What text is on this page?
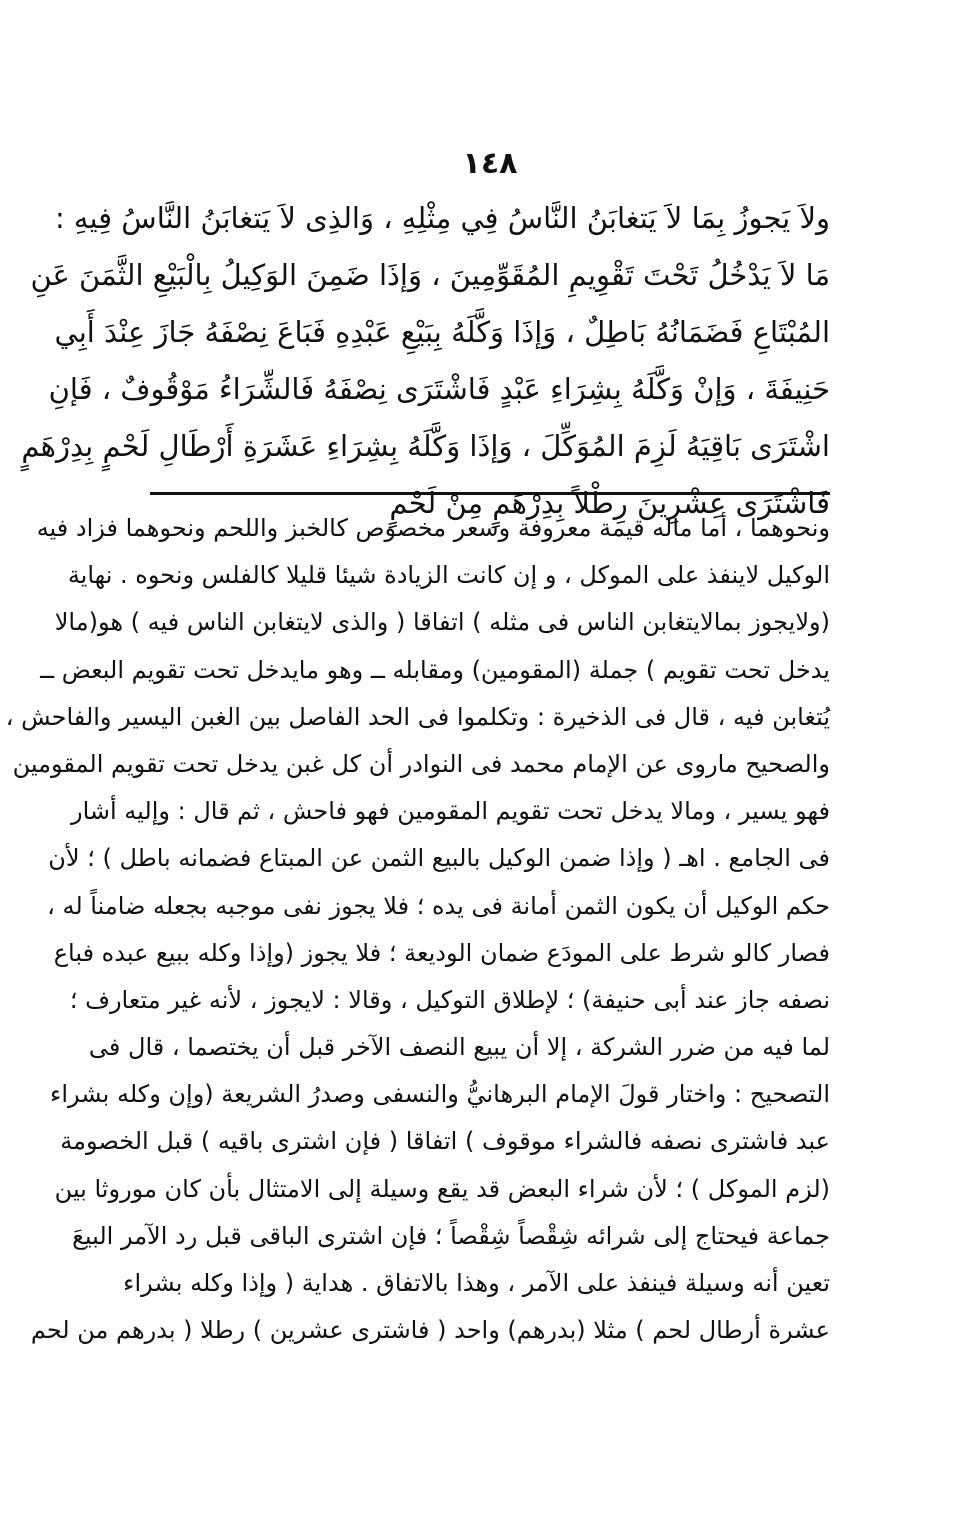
١٤٨
ولاَ يَجوزُ بِمَا لاَ يَتغابَنُ النَّاسُ فِي مِثْلِهِ ، وَالذِى لاَ يَتغابَنُ النَّاسُ فِيهِ :
مَا لاَ يَدْخُلُ تَحْتَ تَقْوِيمِ المُقَوِّمِينَ ، وَإذَا ضَمِنَ الوَكِيلُ بِالْبَيْعِ الثَّمَنَ عَنِ
المُبْتَاعِ فَضَمَانُهُ بَاطِلٌ ، وَإذَا وَكَّلَهُ بِبَيْعِ عَبْدِهِ فَبَاعَ نِصْفَهُ جَازَ عِنْدَ أَبِي
حَنِيفَةَ ، وَإنْ وَكَّلَهُ بِشِرَاءِ عَبْدٍ فَاشْتَرَى نِصْفَهُ فَالشِّرَاءُ مَوْقُوفٌ ، فَإنِ
اشْتَرَى بَاقِيَهُ لَزِمَ المُوَكِّلَ ، وَإذَا وَكَّلَهُ بِشِرَاءِ عَشَرَةِ أَرْطَالِ لَحْمٍ بِدِرْهَمٍ
فَاشْتَرَى عِشْرِينَ رِطْلاً بِدِرْهَمٍ مِنْ لَحْمٍ
ونحوهما ، أما ماله قيمة معروفة وسعر مخصوص كالخبز واللحم ونحوهما فزاد فيه
الوكيل لاينفذ على الموكل ، و إن كانت الزيادة شيئا قليلا كالفلس ونحوه . نهاية
(ولايجوز بمالايتغابن الناس فى مثله ) اتفاقا ( والذى لايتغابن الناس فيه ) هو(مالا
يدخل تحت تقويم ) جملة (المقومين) ومقابله ــ وهو مايدخل تحت تقويم البعض ــ
يُتغابن فيه ، قال فى الذخيرة : وتكلموا فى الحد الفاصل بين الغبن اليسير والفاحش ،
والصحيح ماروى عن الإمام محمد فى النوادر أن كل غبن يدخل تحت تقويم المقومين
فهو يسير ، ومالا يدخل تحت تقويم المقومين فهو فاحش ، ثم قال : وإليه أشار
فى الجامع . اهـ ( وإذا ضمن الوكيل بالبيع الثمن عن المبتاع فضمانه باطل ) ؛ لأن
حكم الوكيل أن يكون الثمن أمانة فى يده ؛ فلا يجوز نفى موجبه بجعله ضامناً له ،
فصار كالو شرط على المودَع ضمان الوديعة ؛ فلا يجوز (وإذا وكله ببيع عبده فباع
نصفه جاز عند أبى حنيفة) ؛ لإطلاق التوكيل ، وقالا : لايجوز ، لأنه غير متعارف ؛
لما فيه من ضرر الشركة ، إلا أن يبيع النصف الآخر قبل أن يختصما ، قال فى
التصحيح : واختار قولَ الإمام البرهانيُّ والنسفى وصدرُ الشريعة (وإن وكله بشراء
عبد فاشترى نصفه فالشراء موقوف ) اتفاقا ( فإن اشترى باقيه ) قبل الخصومة
(لزم الموكل ) ؛ لأن شراء البعض قد يقع وسيلة إلى الامتثال بأن كان موروثا بين
جماعة فيحتاج إلى شرائه شِقْصاً شِقْصاً ؛ فإن اشترى الباقى قبل رد الآمر البيعَ
تعين أنه وسيلة فينفذ على الآمر ، وهذا بالاتفاق . هداية ( وإذا وكله بشراء
عشرة أرطال لحم ) مثلا (بدرهم) واحد ( فاشترى عشرين ) رطلا ( بدرهم من لحم
